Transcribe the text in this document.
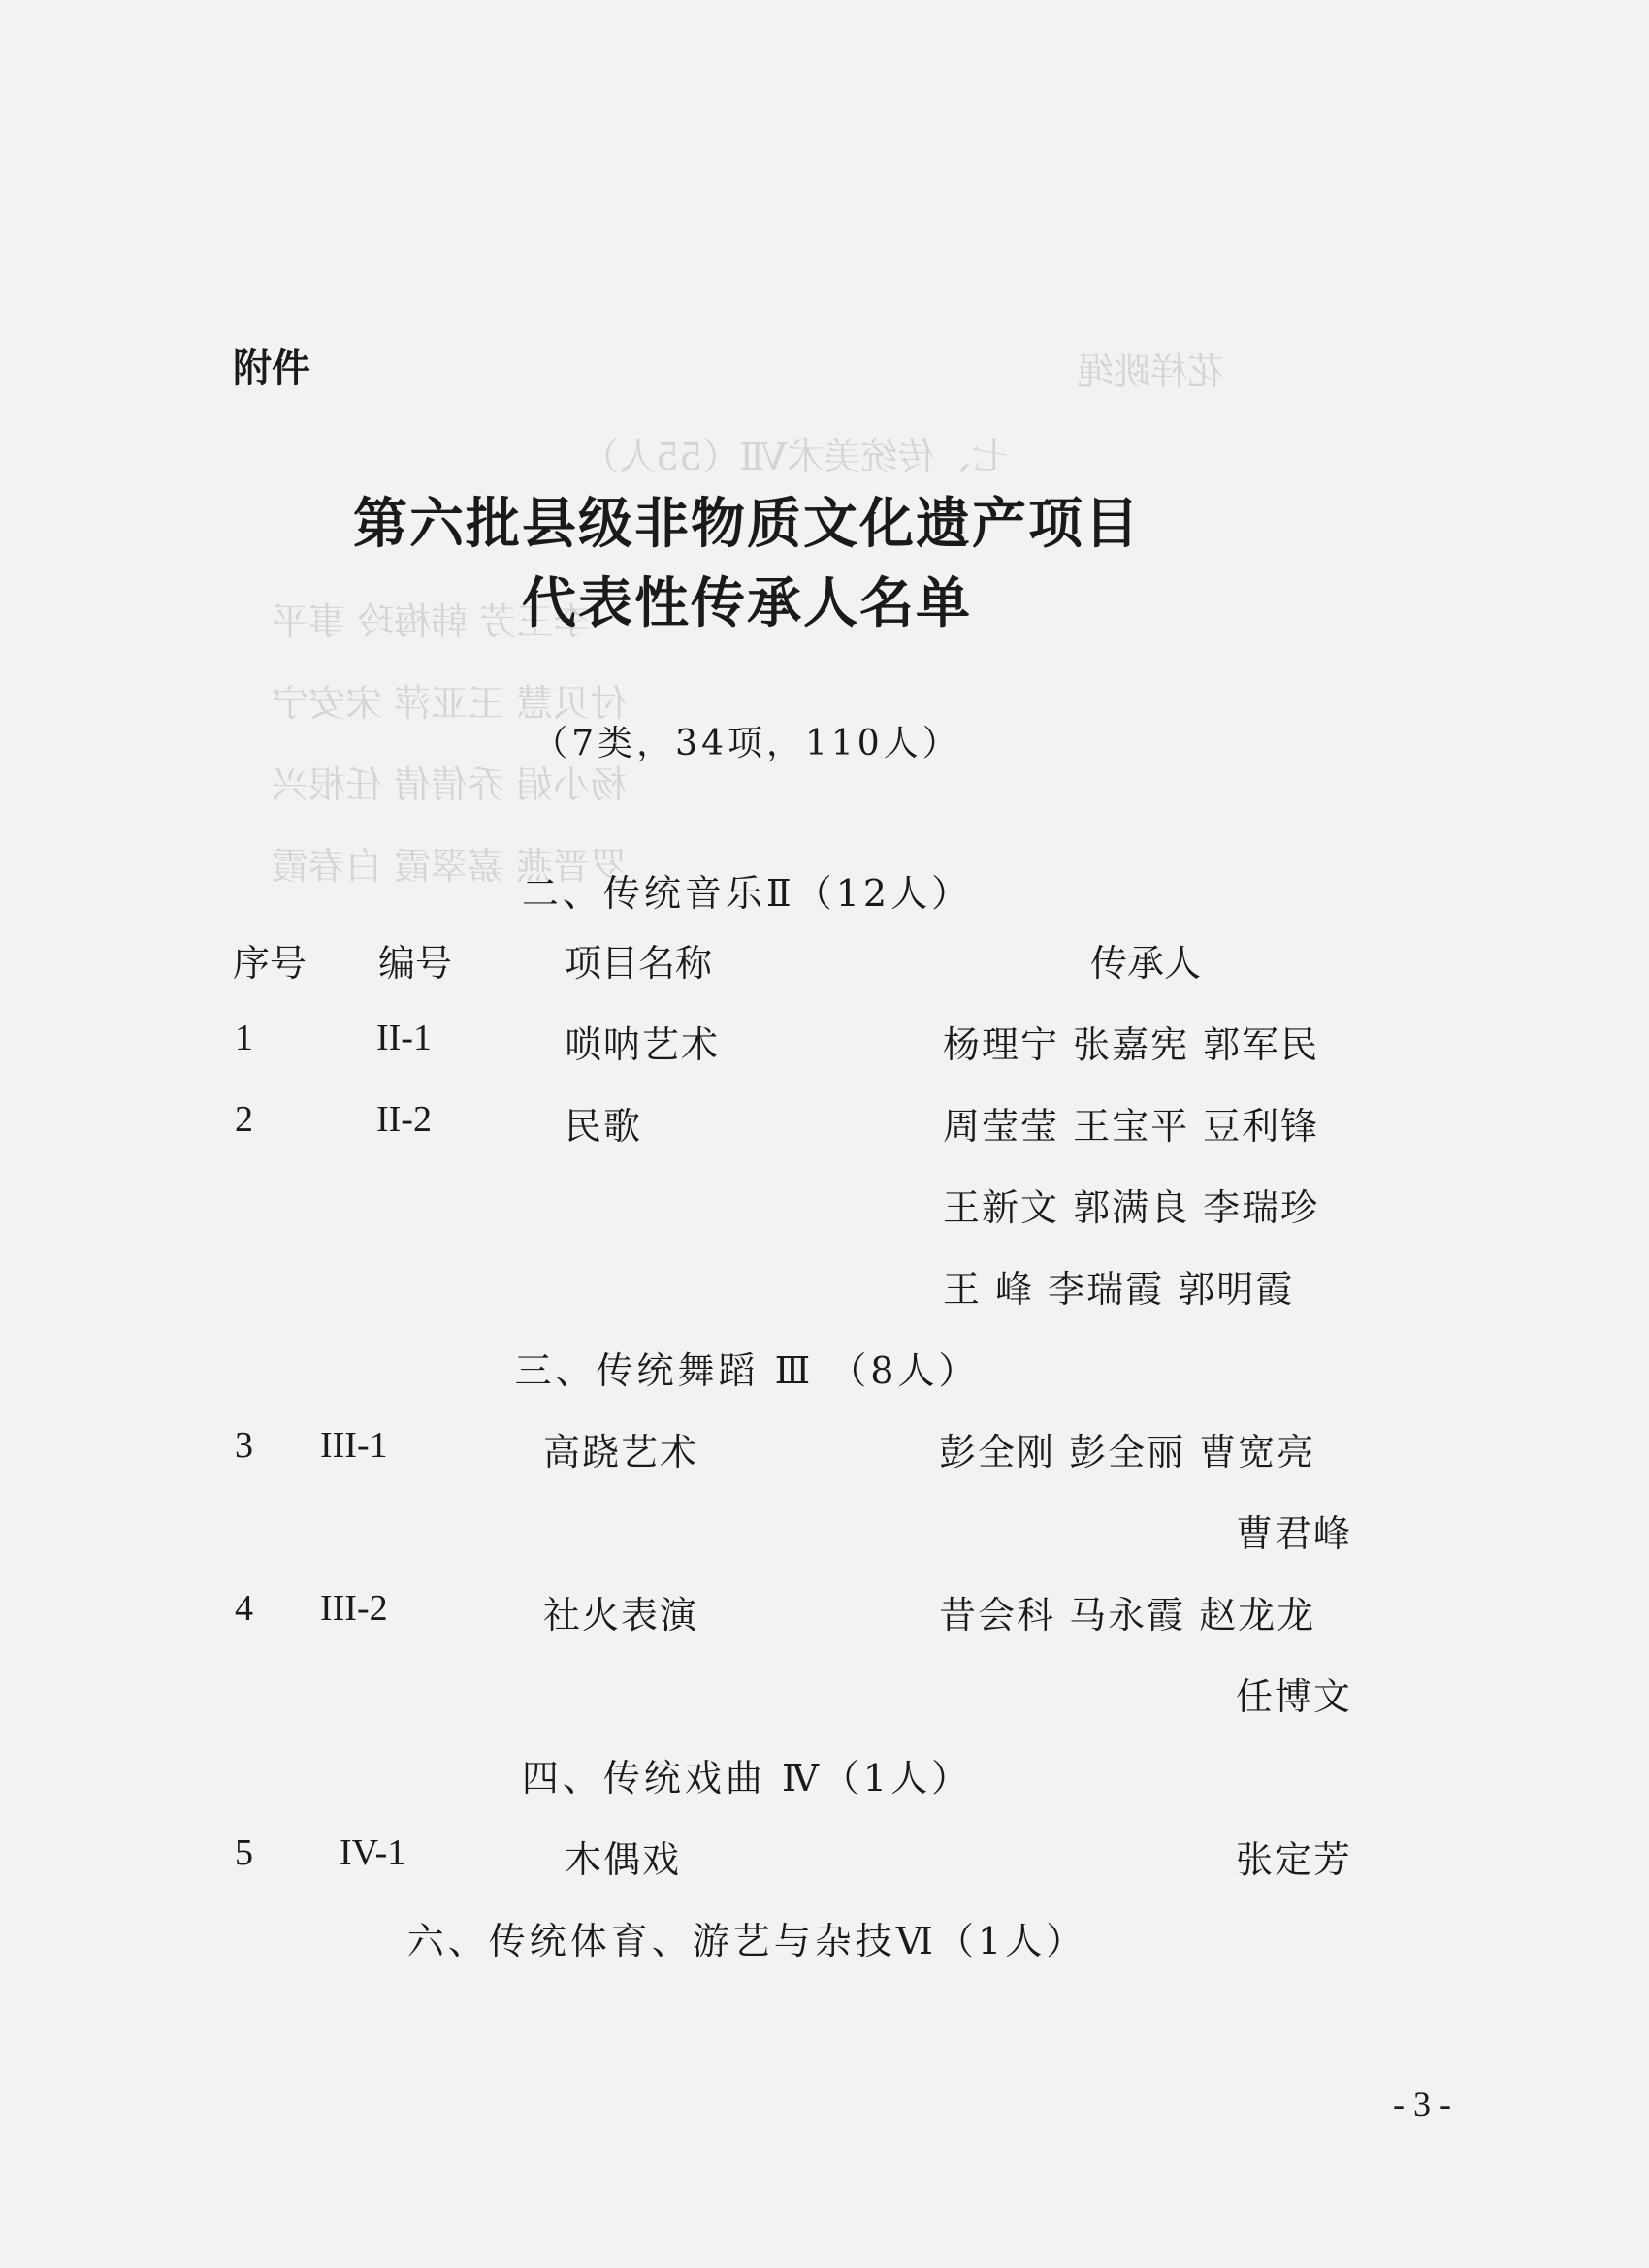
花样跳绳
七、传统美术Ⅶ（55人）
李王芳 韩梅玲 事平
付贝慧 王亚萍 宋安宁
杨小娟 乔倩倩 任根兴
罗晋燕 嘉翠霞 白春霞
附件
第六批县级非物质文化遗产项目
代表性传承人名单
（7类，34项，110人）
二、传统音乐Ⅱ（12人）
序号 编号	项目名称	传承人
1	II-1	唢呐艺术	杨理宁 张嘉宪 郭军民
2	II-2	民歌	周莹莹 王宝平 豆利锋
王新文 郭满良 李瑞珍
王 峰 李瑞霞 郭明霞
三、传统舞蹈 Ⅲ （8人）
3 III-1	高跷艺术	彭全刚 彭全丽 曹宽亮
曹君峰
4 III-2	社火表演	昔会科 马永霞 赵龙龙
任博文
四、传统戏曲 Ⅳ（1人）
5 IV-1	木偶戏	张定芳
六、传统体育、游艺与杂技Ⅵ（1人）
- 3 -
